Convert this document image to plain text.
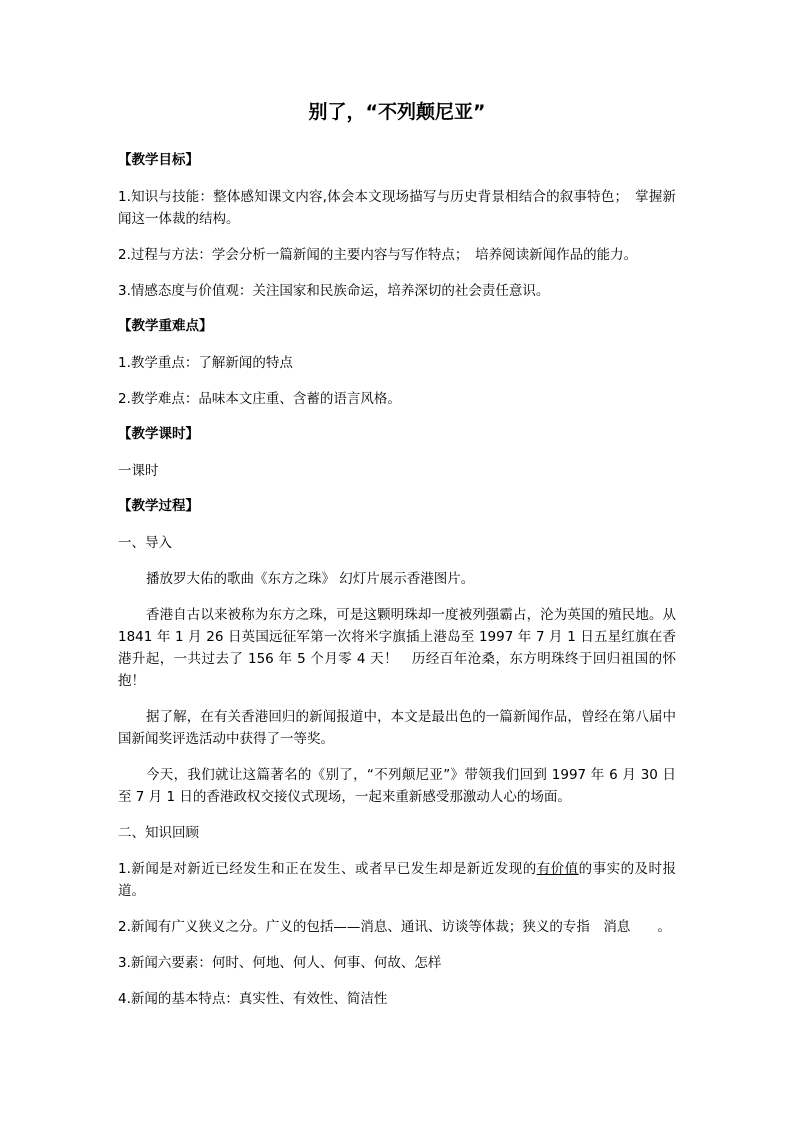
别了，“不列颠尼亚”
【教学目标】
1.知识与技能：整体感知课文内容,体会本文现场描写与历史背景相结合的叙事特色；　掌握新闻这一体裁的结构。
2.过程与方法：学会分析一篇新闻的主要内容与写作特点；　培养阅读新闻作品的能力。
3.情感态度与价值观：关注国家和民族命运，培养深切的社会责任意识。
【教学重难点】
1.教学重点：了解新闻的特点
2.教学难点：品味本文庄重、含蓄的语言风格。
【教学课时】
一课时
【教学过程】
一、导入
播放罗大佑的歌曲《东方之珠》 幻灯片展示香港图片。
香港自古以来被称为东方之珠，可是这颗明珠却一度被列强霸占，沦为英国的殖民地。从 1841 年 1 月 26 日英国远征军第一次将米字旗插上港岛至 1997 年 7 月 1 日五星红旗在香港升起，一共过去了 156 年 5 个月零 4 天！　历经百年沧桑，东方明珠终于回归祖国的怀抱！
据了解，在有关香港回归的新闻报道中，本文是最出色的一篇新闻作品，曾经在第八届中国新闻奖评选活动中获得了一等奖。
今天，我们就让这篇著名的《别了，“不列颠尼亚”》带领我们回到 1997 年 6 月 30 日至 7 月 1 日的香港政权交接仪式现场，一起来重新感受那激动人心的场面。
二、知识回顾
1.新闻是对新近已经发生和正在发生、或者早已发生却是新近发现的有价值的事实的及时报道。
2.新闻有广义狭义之分。广义的包括——消息、通讯、访谈等体裁；狭义的专指　消息　　。
3.新闻六要素：何时、何地、何人、何事、何故、怎样
4.新闻的基本特点：真实性、有效性、简洁性
